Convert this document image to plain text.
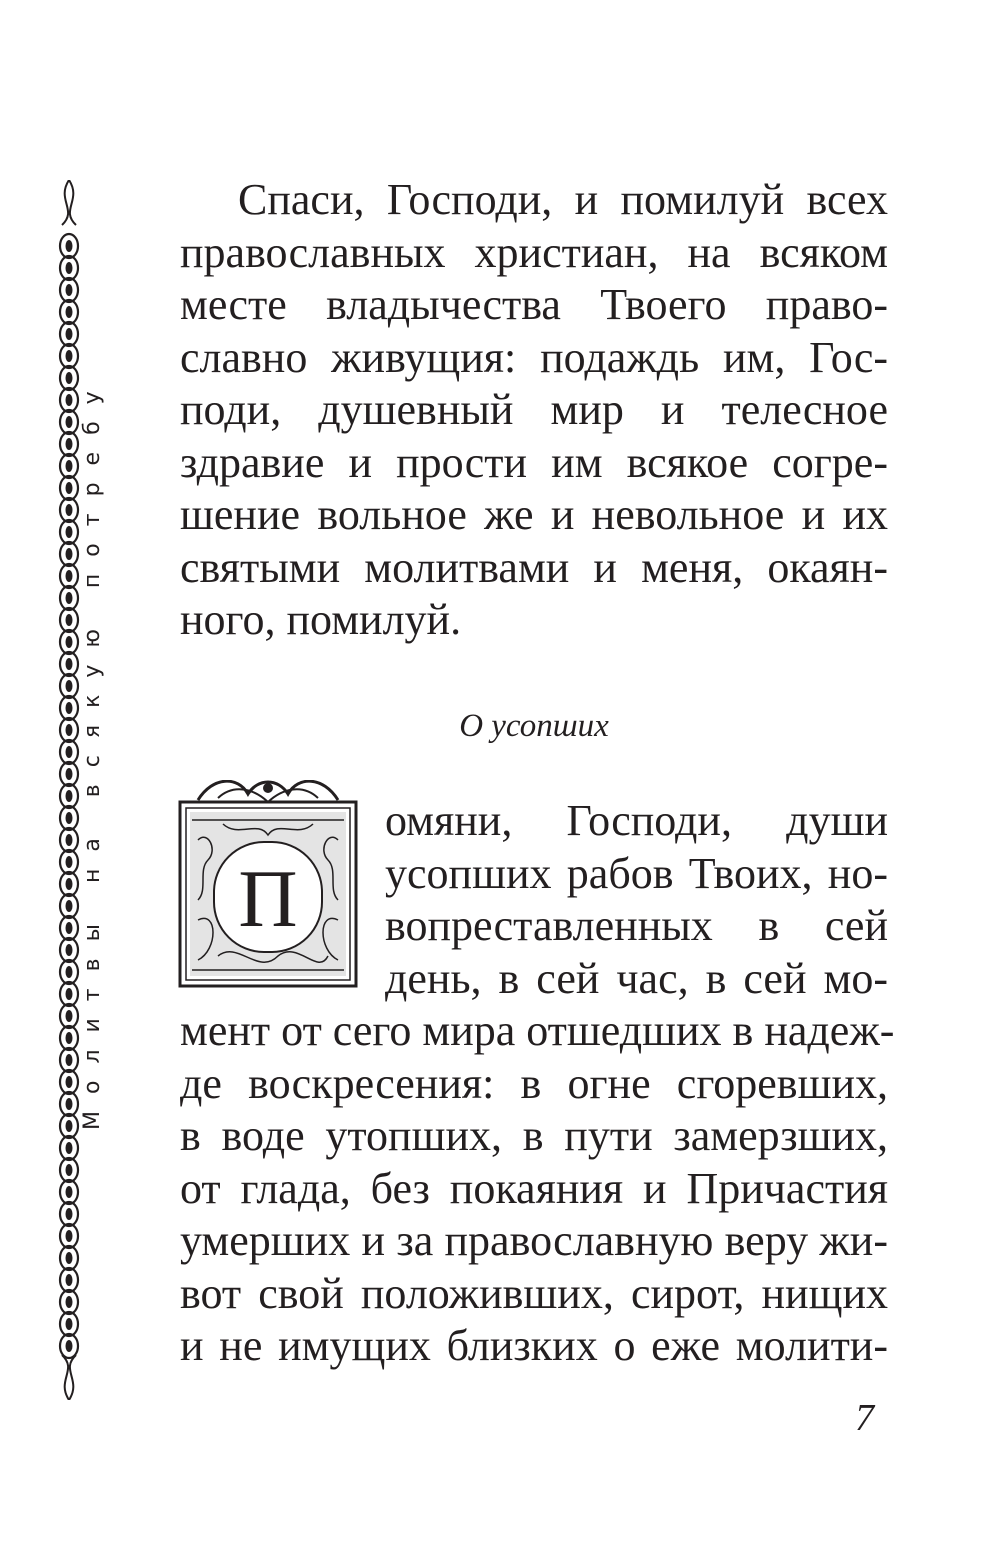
Молитвы на всякую потребу
Спаси, Господи, и помилуй всех
православных христиан, на всяком
месте владычества Твоего право-
славно живущия: подаждь им, Гос-
поди, душевный мир и телесное
здравие и прости им всякое согре-
шение вольное же и невольное и их
святыми молитвами и меня, окаян-
ного, помилуй.

О усопших

П
омяни, Господи, души
усопших рабов Твоих, но-
вопреставленных в сей
день, в сей час, в сей мо-
мент от сего мира отшедших в надеж-
де воскресения: в огне сгоревших,
в воде утопших, в пути замерзших,
от глада, без покаяния и Причастия
умерших и за православную веру жи-
вот свой положивших, сирот, нищих
и не имущих близких о еже молити-
7
